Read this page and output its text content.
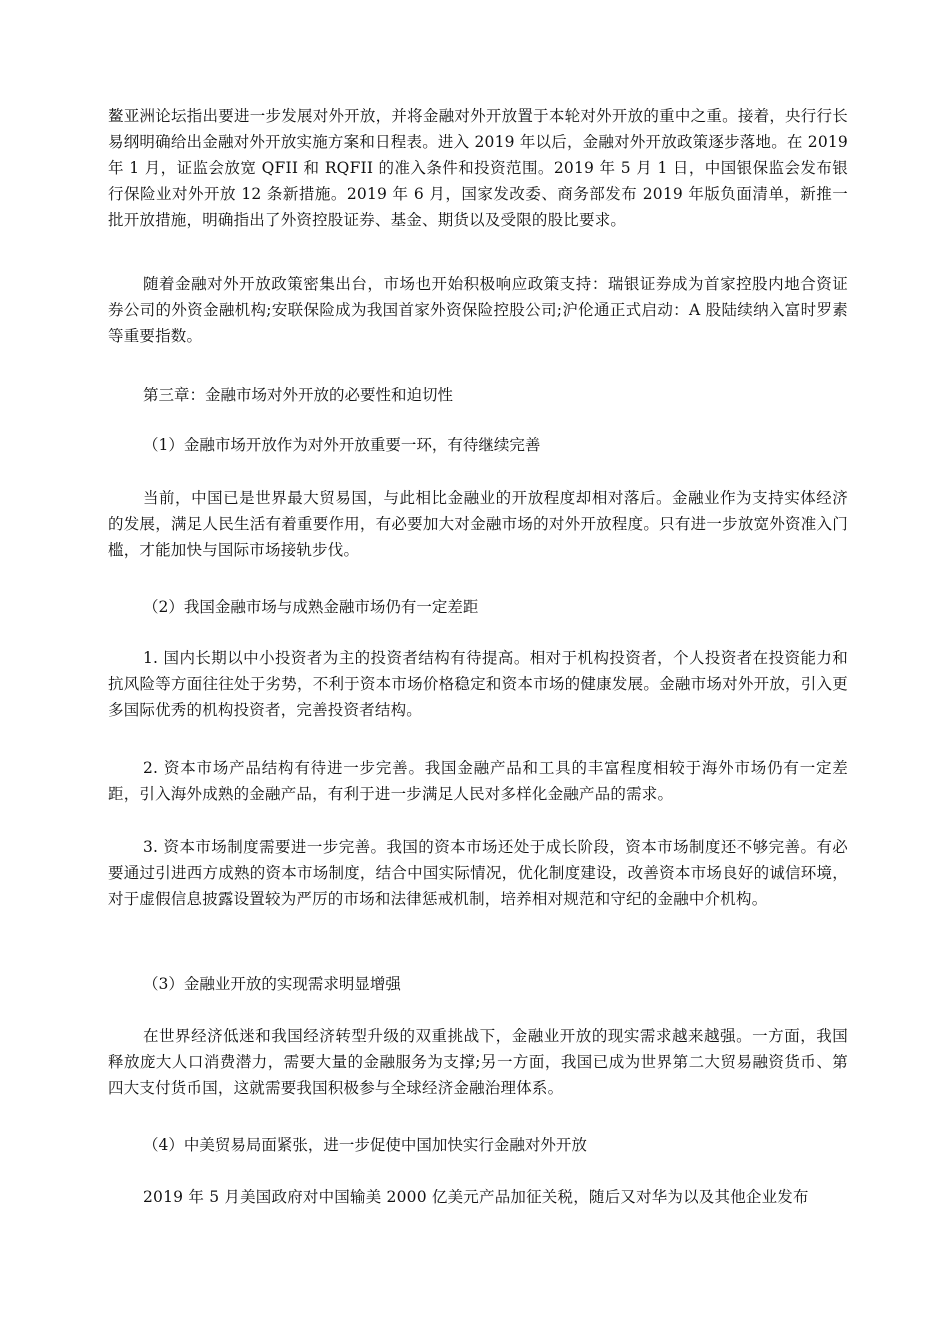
鳌亚洲论坛指出要进一步发展对外开放，并将金融对外开放置于本轮对外开放的重中之重。接着，央行行长易纲明确给出金融对外开放实施方案和日程表。进入 2019 年以后，金融对外开放政策逐步落地。在 2019 年 1 月，证监会放宽 QFII 和 RQFII 的准入条件和投资范围。2019 年 5 月 1 日，中国银保监会发布银行保险业对外开放 12 条新措施。2019 年 6 月，国家发改委、商务部发布 2019 年版负面清单，新推一批开放措施，明确指出了外资控股证券、基金、期货以及受限的股比要求。

随着金融对外开放政策密集出台，市场也开始积极响应政策支持：瑞银证券成为首家控股内地合资证券公司的外资金融机构;安联保险成为我国首家外资保险控股公司;沪伦通正式启动：A 股陆续纳入富时罗素等重要指数。

第三章：金融市场对外开放的必要性和迫切性

（1）金融市场开放作为对外开放重要一环，有待继续完善

当前，中国已是世界最大贸易国，与此相比金融业的开放程度却相对落后。金融业作为支持实体经济的发展，满足人民生活有着重要作用，有必要加大对金融市场的对外开放程度。只有进一步放宽外资准入门槛，才能加快与国际市场接轨步伐。

（2）我国金融市场与成熟金融市场仍有一定差距

1. 国内长期以中小投资者为主的投资者结构有待提高。相对于机构投资者，个人投资者在投资能力和抗风险等方面往往处于劣势，不利于资本市场价格稳定和资本市场的健康发展。金融市场对外开放，引入更多国际优秀的机构投资者，完善投资者结构。

2. 资本市场产品结构有待进一步完善。我国金融产品和工具的丰富程度相较于海外市场仍有一定差距，引入海外成熟的金融产品，有利于进一步满足人民对多样化金融产品的需求。

3. 资本市场制度需要进一步完善。我国的资本市场还处于成长阶段，资本市场制度还不够完善。有必要通过引进西方成熟的资本市场制度，结合中国实际情况，优化制度建设，改善资本市场良好的诚信环境，对于虚假信息披露设置较为严厉的市场和法律惩戒机制，培养相对规范和守纪的金融中介机构。

（3）金融业开放的实现需求明显增强

在世界经济低迷和我国经济转型升级的双重挑战下，金融业开放的现实需求越来越强。一方面，我国释放庞大人口消费潜力，需要大量的金融服务为支撑;另一方面，我国已成为世界第二大贸易融资货币、第四大支付货币国，这就需要我国积极参与全球经济金融治理体系。

（4）中美贸易局面紧张，进一步促使中国加快实行金融对外开放

2019 年 5 月美国政府对中国输美 2000 亿美元产品加征关税，随后又对华为以及其他企业发布
